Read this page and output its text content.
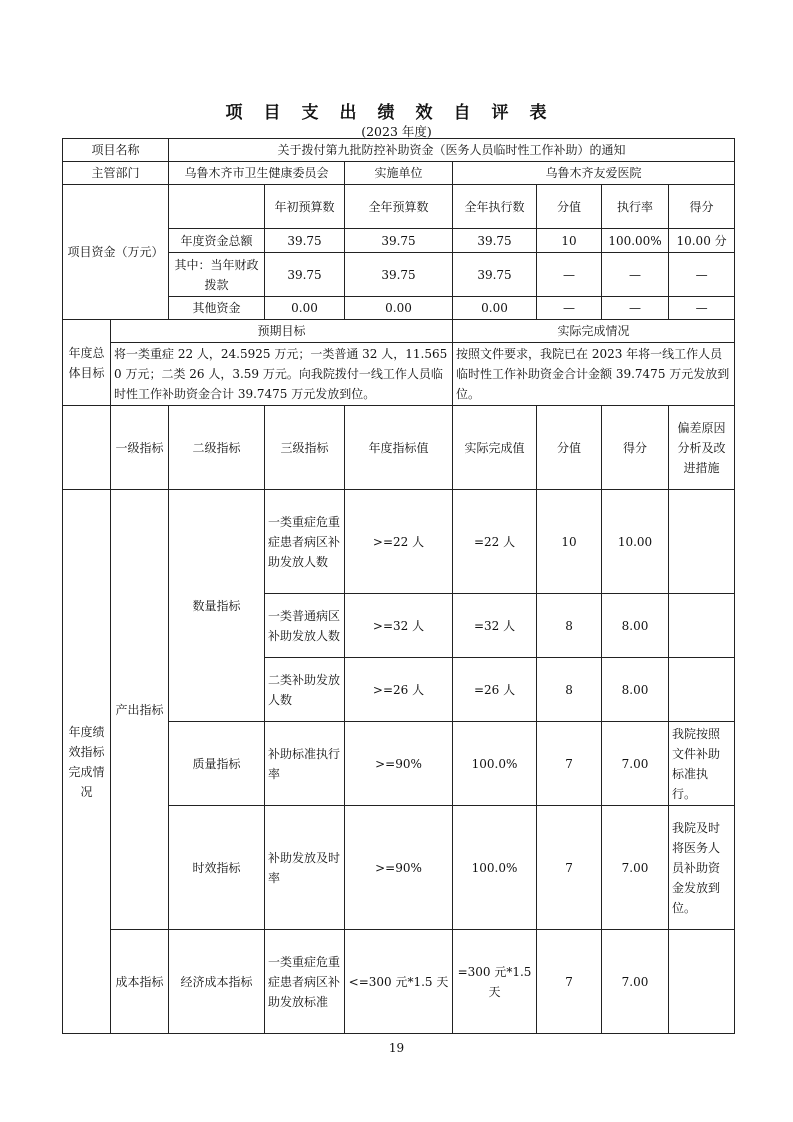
项目支出绩效自评表
(2023 年度)
项目名称		关于拨付第九批防控补助资金（医务人员临时性工作补助）的通知						
主管部门		乌鲁木齐市卫生健康委员会		实施单位	乌鲁木齐友爱医院			
项目资金（万元）			年初预算数	全年预算数	全年执行数	分值	执行率	得分
		年度资金总额	39.75	39.75	39.75	10	100.00%	10.00 分
		其中：当年财政拨款	39.75	39.75	39.75	—	—	—
		其他资金	0.00	0.00	0.00	—	—	—
年度总体目标	预期目标				实际完成情况			
	将一类重症 22 人，24.5925 万元；一类普通 32 人，11.5650 万元；二类 26 人，3.59 万元。向我院拨付一线工作人员临时性工作补助资金合计 39.7475 万元发放到位。				按照文件要求，我院已在 2023 年将一线工作人员临时性工作补助资金合计金额 39.7475 万元发放到位。			
	一级指标	二级指标	三级指标	年度指标值	实际完成值	分值	得分	偏差原因分析及改进措施
年度绩效指标完成情况	产出指标	数量指标	一类重症危重症患者病区补助发放人数	>=22 人	=22 人	10	10.00	
			一类普通病区补助发放人数	>=32 人	=32 人	8	8.00	
			二类补助发放人数	>=26 人	=26 人	8	8.00	
		质量指标	补助标准执行率	>=90%	100.0%	7	7.00	我院按照文件补助标准执行。
		时效指标	补助发放及时率	>=90%	100.0%	7	7.00	我院及时将医务人员补助资金发放到位。
	成本指标	经济成本指标	一类重症危重症患者病区补助发放标准	<=300 元*1.5 天	=300 元*1.5 天	7	7.00	
19
